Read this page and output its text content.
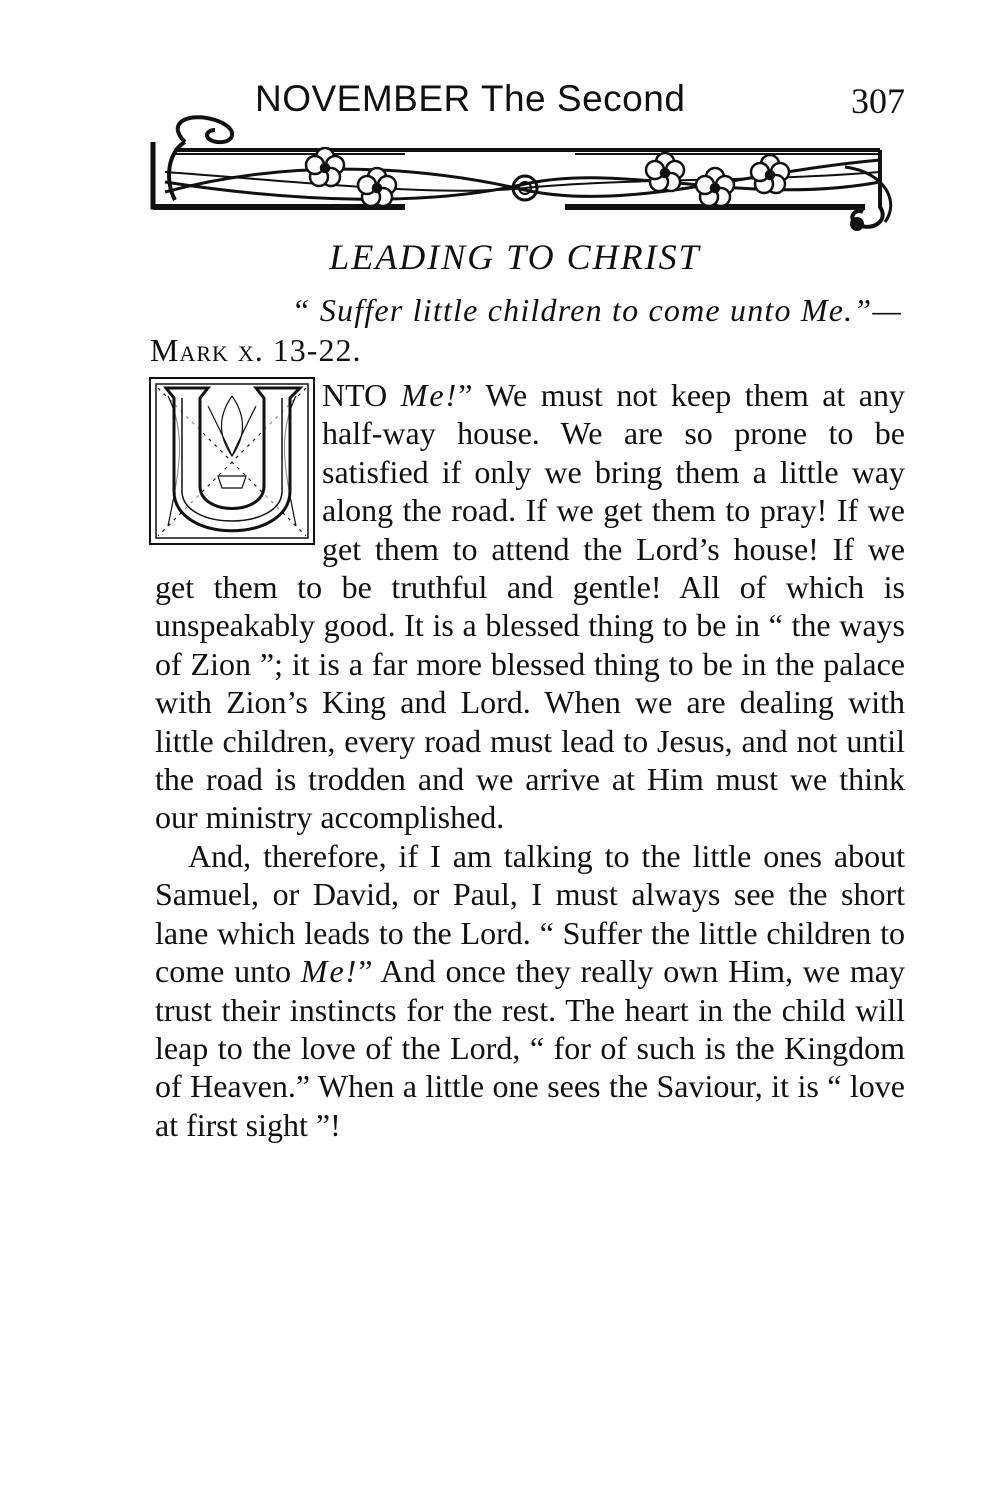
NOVEMBER The Second	307
LEADING TO CHRIST
“ Suffer little children to come unto Me.”—
Mark x. 13-22.

NTO Me!” We must not keep them at any half-way house. We are so prone to be satisfied if only we bring them a little way along the road. If we get them to pray! If we get them to attend the Lord’s house! If we get them to be truthful and gentle! All of which is unspeakably good. It is a blessed thing to be in “ the ways of Zion ”; it is a far more blessed thing to be in the palace with Zion’s King and Lord. When we are dealing with little children, every road must lead to Jesus, and not until the road is trodden and we arrive at Him must we think our ministry accomplished.

And, therefore, if I am talking to the little ones about Samuel, or David, or Paul, I must always see the short lane which leads to the Lord. “ Suffer the little children to come unto Me!” And once they really own Him, we may trust their instincts for the rest. The heart in the child will leap to the love of the Lord, “ for of such is the Kingdom of Heaven.” When a little one sees the Saviour, it is “ love at first sight ”!
